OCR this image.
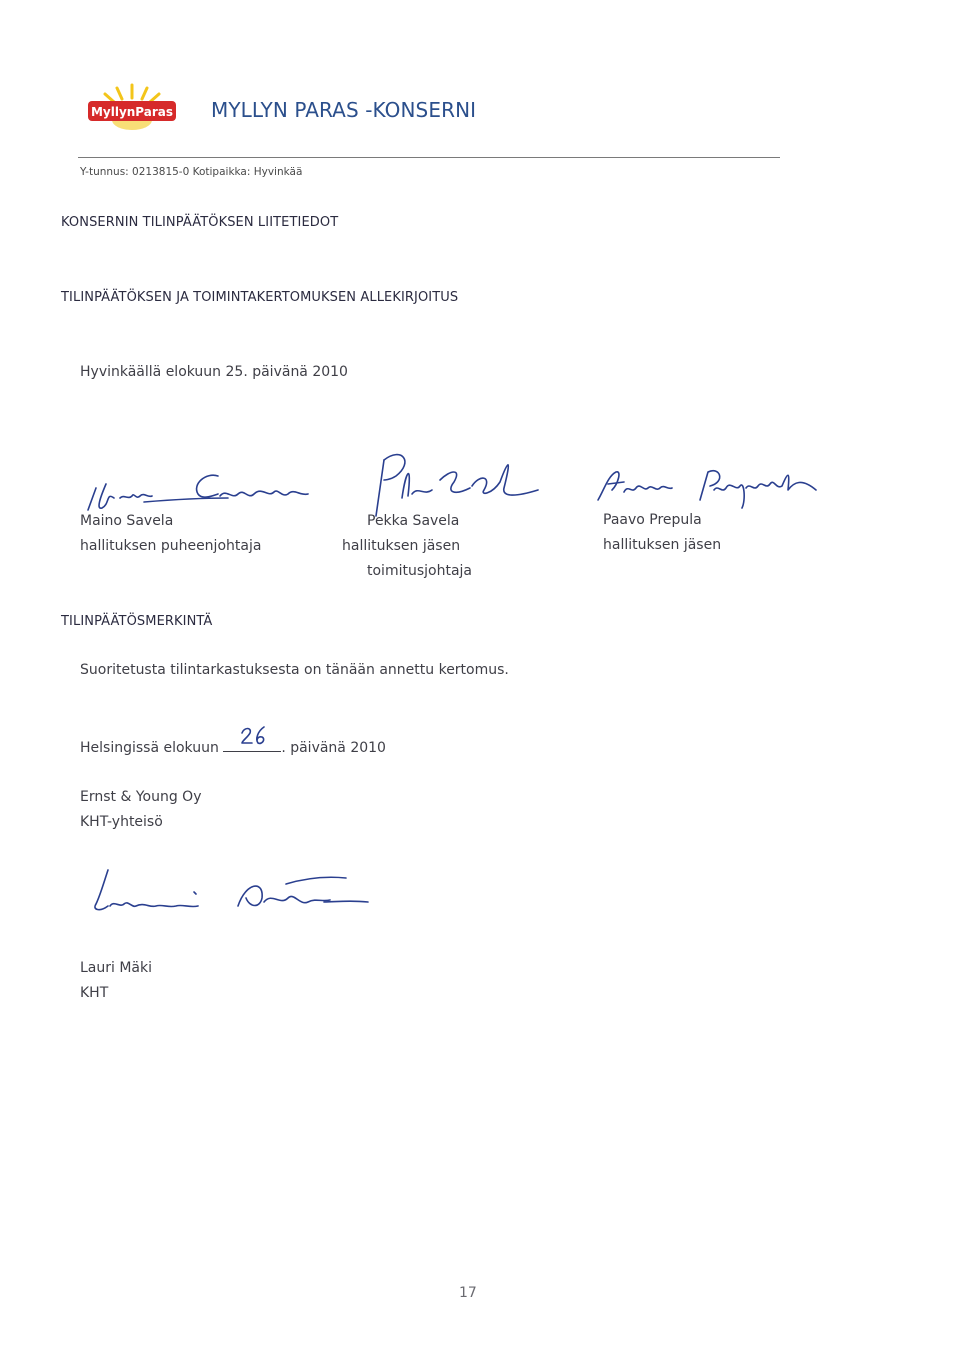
MyllynParas MYLLYN PARAS -KONSERNI
Y-tunnus: 0213815-0 Kotipaikka: Hyvinkää
KONSERNIN TILINPÄÄTÖKSEN LIITETIEDOT
TILINPÄÄTÖKSEN JA TOIMINTAKERTOMUKSEN ALLEKIRJOITUS
Hyvinkäällä elokuun 25. päivänä 2010
Maino Savela
hallituksen puheenjohtaja
Pekka Savela
hallituksen jäsen
toimitusjohtaja
Paavo Prepula
hallituksen jäsen
TILINPÄÄTÖSMERKINTÄ
Suoritetusta tilintarkastuksesta on tänään annettu kertomus.
Helsingissä elokuun	. päivänä 2010
Ernst & Young Oy
KHT-yhteisö
Lauri Mäki
KHT
17
